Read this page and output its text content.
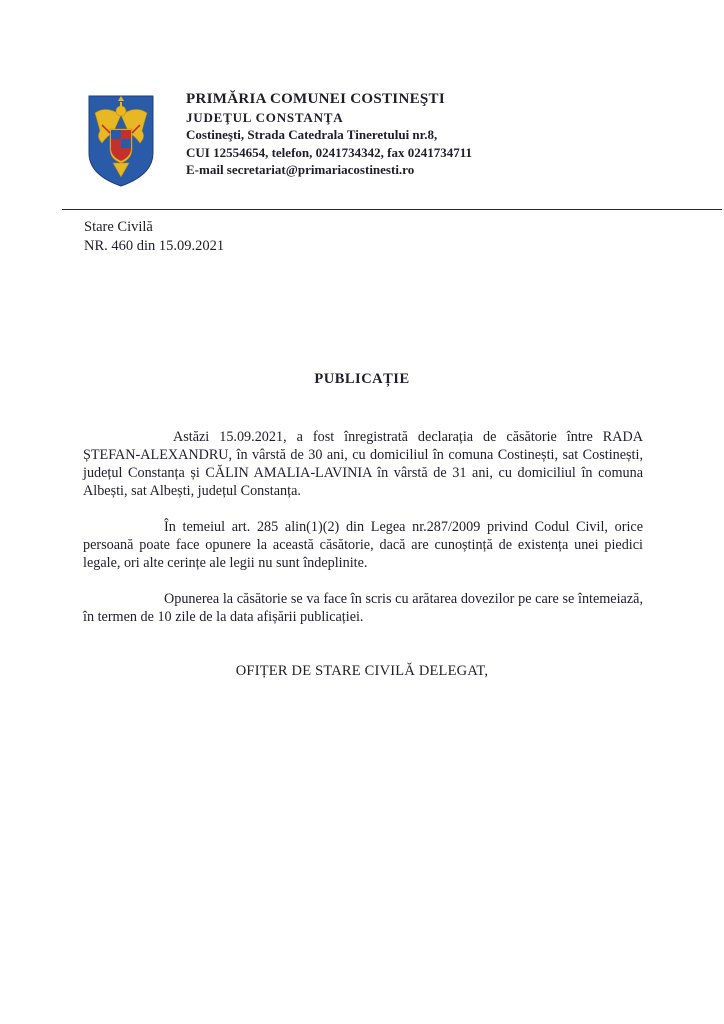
PRIMĂRIA COMUNEI COSTINEŞTI
JUDEŢUL CONSTANŢA
Costineşti, Strada Catedrala Tineretului nr.8,
CUI 12554654, telefon, 0241734342, fax 0241734711
E-mail secretariat@primariacostinesti.ro
Stare Civilă
NR. 460 din 15.09.2021
PUBLICAȚIE

Astăzi 15.09.2021, a fost înregistrată declarația de căsătorie între RADA ȘTEFAN-ALEXANDRU, în vârstă de 30 ani, cu domiciliul în comuna Costinești, sat Costinești, județul Constanța și CĂLIN AMALIA-LAVINIA în vârstă de 31 ani, cu domiciliul în comuna Albești, sat Albești, județul Constanța.

În temeiul art. 285 alin(1)(2) din Legea nr.287/2009 privind Codul Civil, orice persoană poate face opunere la această căsătorie, dacă are cunoștință de existența unei piedici legale, ori alte cerințe ale legii nu sunt îndeplinite.

Opunerea la căsătorie se va face în scris cu arătarea dovezilor pe care se întemeiază, în termen de 10 zile de la data afișării publicației.

OFIȚER DE STARE CIVILĂ DELEGAT,
